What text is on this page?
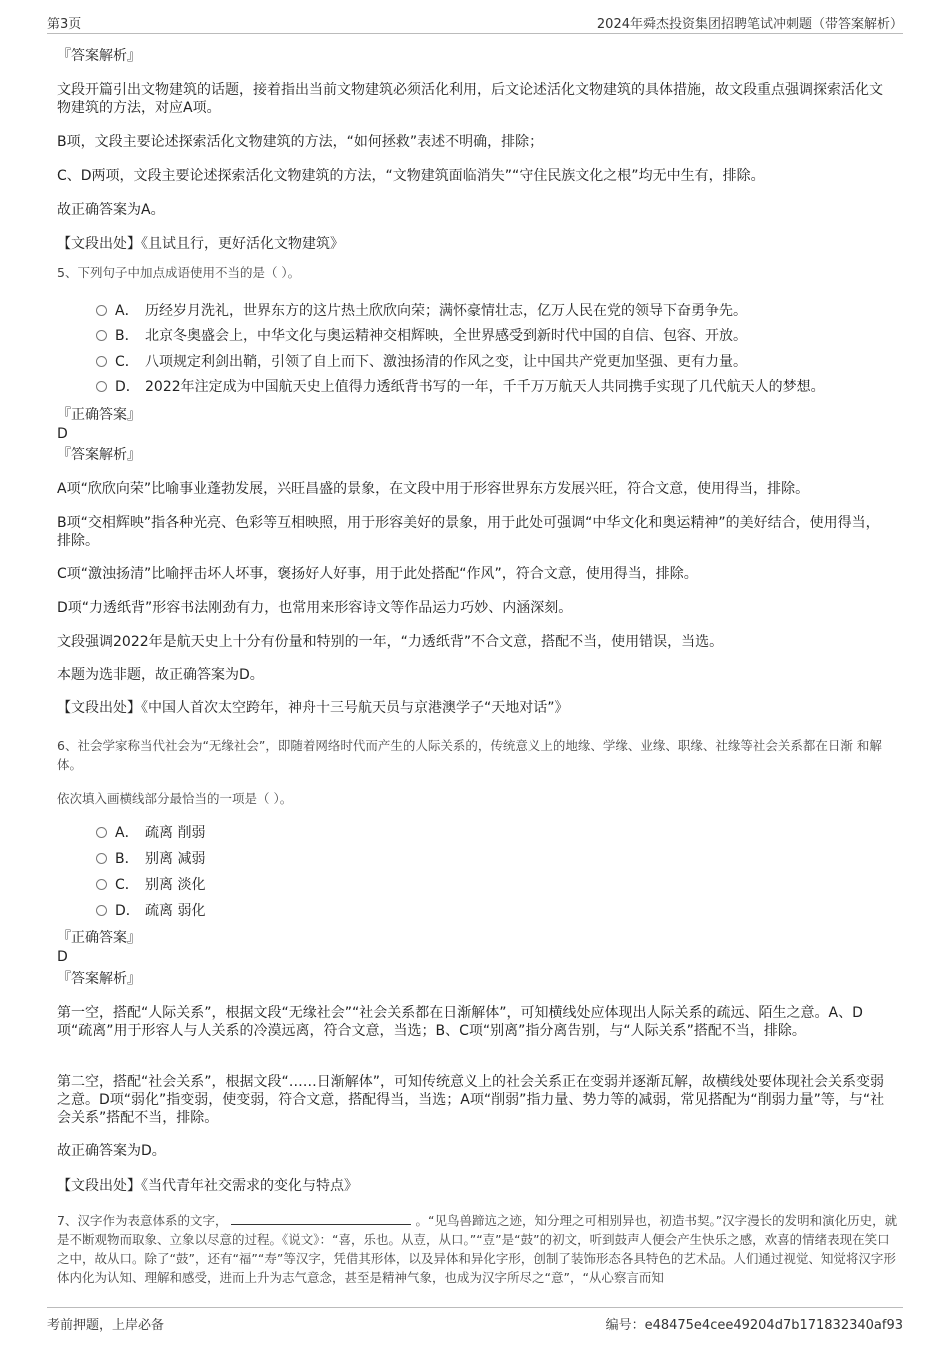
第3页	2024年舜杰投资集团招聘笔试冲刺题（带答案解析）
『答案解析』
文段开篇引出文物建筑的话题，接着指出当前文物建筑必须活化利用，后文论述活化文物建筑的具体措施，故文段重点强调探索活化文物建筑的方法，对应A项。
B项，文段主要论述探索活化文物建筑的方法，“如何拯救”表述不明确，排除；
C、D两项，文段主要论述探索活化文物建筑的方法，“文物建筑面临消失”“守住民族文化之根”均无中生有，排除。
故正确答案为A。
【文段出处】《且试且行，更好活化文物建筑》
5、下列句子中加点成语使用不当的是（ ）。
A． 历经岁月洗礼，世界东方的这片热土欣欣向荣；满怀豪情壮志，亿万人民在党的领导下奋勇争先。
B． 北京冬奥盛会上，中华文化与奥运精神交相辉映，全世界感受到新时代中国的自信、包容、开放。
C． 八项规定利剑出鞘，引领了自上而下、激浊扬清的作风之变，让中国共产党更加坚强、更有力量。
D． 2022年注定成为中国航天史上值得力透纸背书写的一年，千千万万航天人共同携手实现了几代航天人的梦想。
『正确答案』
D
『答案解析』
A项“欣欣向荣”比喻事业蓬勃发展，兴旺昌盛的景象，在文段中用于形容世界东方发展兴旺，符合文意，使用得当，排除。
B项“交相辉映”指各种光亮、色彩等互相映照，用于形容美好的景象，用于此处可强调“中华文化和奥运精神”的美好结合，使用得当，排除。
C项“激浊扬清”比喻抨击坏人坏事，褒扬好人好事，用于此处搭配“作风”，符合文意，使用得当，排除。
D项“力透纸背”形容书法刚劲有力，也常用来形容诗文等作品运力巧妙、内涵深刻。
文段强调2022年是航天史上十分有份量和特别的一年，“力透纸背”不合文意，搭配不当，使用错误，当选。
本题为选非题，故正确答案为D。
【文段出处】《中国人首次太空跨年，神舟十三号航天员与京港澳学子“天地对话”》
6、社会学家称当代社会为“无缘社会”，即随着网络时代而产生的人际关系的，传统意义上的地缘、学缘、业缘、职缘、社缘等社会关系都在日渐 和解体。
依次填入画横线部分最恰当的一项是（ ）。
A． 疏离 削弱
B． 别离 减弱
C． 别离 淡化
D． 疏离 弱化
『正确答案』
D
『答案解析』
第一空，搭配“人际关系”，根据文段“无缘社会”“社会关系都在日渐解体”，可知横线处应体现出人际关系的疏远、陌生之意。A、D项“疏离”用于形容人与人关系的冷漠远离，符合文意，当选；B、C项“别离”指分离告别，与“人际关系”搭配不当，排除。
第二空，搭配“社会关系”，根据文段“……日渐解体”，可知传统意义上的社会关系正在变弱并逐渐瓦解，故横线处要体现社会关系变弱之意。D项“弱化”指变弱，使变弱，符合文意，搭配得当，当选；A项“削弱”指力量、势力等的减弱，常见搭配为“削弱力量”等，与“社会关系”搭配不当，排除。
故正确答案为D。
【文段出处】《当代青年社交需求的变化与特点》
7、汉字作为表意体系的文字，	。“见鸟兽蹄迒之迹，知分理之可相别异也，初造书契。”汉字漫长的发明和演化历史，就是不断观物而取象、立象以尽意的过程。《说文》：“喜，乐也。从壴，从口。”“壴”是“鼓”的初文，听到鼓声人便会产生快乐之感，欢喜的情绪表现在笑口之中，故从口。除了“鼓”，还有“福”“寿”等汉字，凭借其形体，以及异体和异化字形，创制了装饰形态各具特色的艺术品。人们通过视觉、知觉将汉字形体内化为认知、理解和感受，进而上升为志气意念，甚至是精神气象，也成为汉字所尽之“意”，“从心察言而知
考前押题，上岸必备	编号：e48475e4cee49204d7b171832340af93
